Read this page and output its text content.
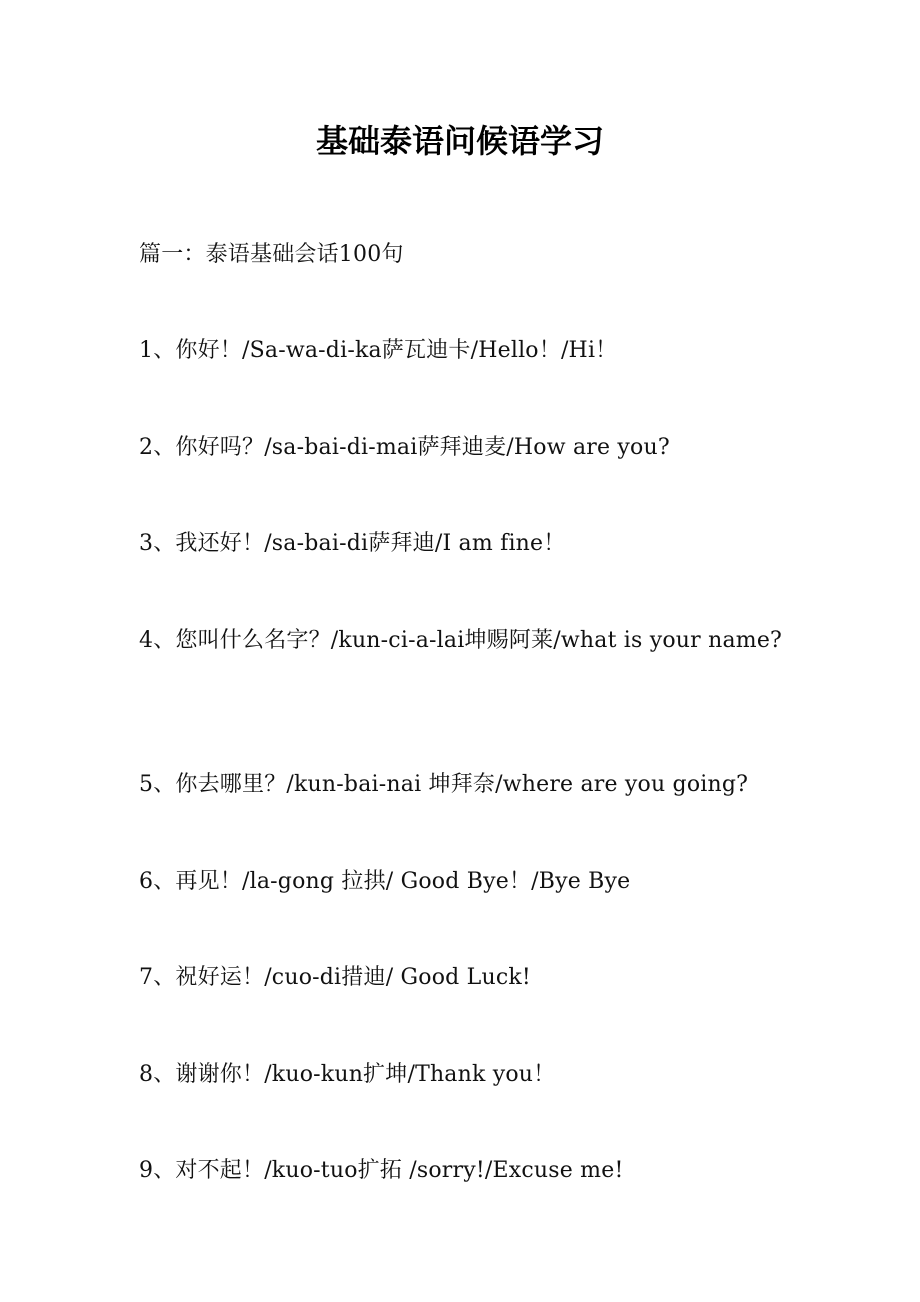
基础泰语问候语学习
篇一：泰语基础会话100句
1、你好！/Sa-wa-di-ka萨瓦迪卡/Hello！/Hi！
2、你好吗？/sa-bai-di-mai萨拜迪麦/How are you?
3、我还好！/sa-bai-di萨拜迪/I am fine！
4、您叫什么名字？/kun-ci-a-lai坤赐阿莱/what is your name?
5、你去哪里？/kun-bai-nai 坤拜奈/where are you going?
6、再见！/la-gong 拉拱/ Good Bye！/Bye Bye
7、祝好运！/cuo-di措迪/ Good Luck!
8、谢谢你！/kuo-kun扩坤/Thank you！
9、对不起！/kuo-tuo扩拓 /sorry!/Excuse me!
